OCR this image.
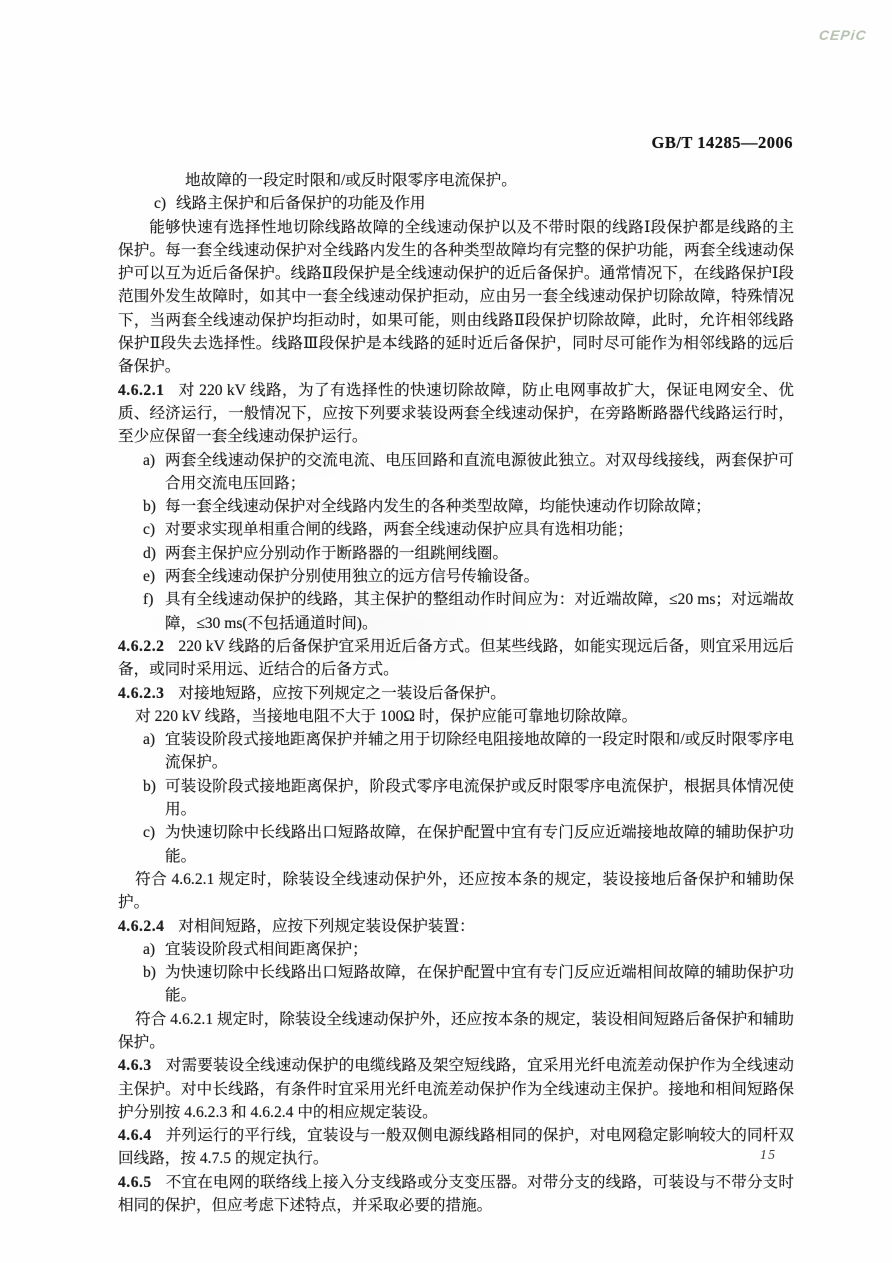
CEPiC
GB/T 14285—2006
地故障的一段定时限和/或反时限零序电流保护。
c) 线路主保护和后备保护的功能及作用
能够快速有选择性地切除线路故障的全线速动保护以及不带时限的线路Ⅰ段保护都是线路的主保护。每一套全线速动保护对全线路内发生的各种类型故障均有完整的保护功能，两套全线速动保护可以互为近后备保护。线路Ⅱ段保护是全线速动保护的近后备保护。通常情况下，在线路保护Ⅰ段范围外发生故障时，如其中一套全线速动保护拒动，应由另一套全线速动保护切除故障，特殊情况下，当两套全线速动保护均拒动时，如果可能，则由线路Ⅱ段保护切除故障，此时，允许相邻线路保护Ⅱ段失去选择性。线路Ⅲ段保护是本线路的延时近后备保护，同时尽可能作为相邻线路的远后备保护。
4.6.2.1 对 220 kV 线路，为了有选择性的快速切除故障，防止电网事故扩大，保证电网安全、优质、经济运行，一般情况下，应按下列要求装设两套全线速动保护，在旁路断路器代线路运行时，至少应保留一套全线速动保护运行。
a) 两套全线速动保护的交流电流、电压回路和直流电源彼此独立。对双母线接线，两套保护可合用交流电压回路；
b) 每一套全线速动保护对全线路内发生的各种类型故障，均能快速动作切除故障；
c) 对要求实现单相重合闸的线路，两套全线速动保护应具有选相功能；
d) 两套主保护应分别动作于断路器的一组跳闸线圈。
e) 两套全线速动保护分别使用独立的远方信号传输设备。
f) 具有全线速动保护的线路，其主保护的整组动作时间应为：对近端故障，≤20 ms；对远端故障，≤30 ms(不包括通道时间)。
4.6.2.2 220 kV 线路的后备保护宜采用近后备方式。但某些线路，如能实现远后备，则宜采用远后备，或同时采用远、近结合的后备方式。
4.6.2.3 对接地短路，应按下列规定之一装设后备保护。
对 220 kV 线路，当接地电阻不大于 100Ω 时，保护应能可靠地切除故障。
a) 宜装设阶段式接地距离保护并辅之用于切除经电阻接地故障的一段定时限和/或反时限零序电流保护。
b) 可装设阶段式接地距离保护，阶段式零序电流保护或反时限零序电流保护，根据具体情况使用。
c) 为快速切除中长线路出口短路故障，在保护配置中宜有专门反应近端接地故障的辅助保护功能。
符合 4.6.2.1 规定时，除装设全线速动保护外，还应按本条的规定，装设接地后备保护和辅助保护。
4.6.2.4 对相间短路，应按下列规定装设保护装置：
a) 宜装设阶段式相间距离保护；
b) 为快速切除中长线路出口短路故障，在保护配置中宜有专门反应近端相间故障的辅助保护功能。
符合 4.6.2.1 规定时，除装设全线速动保护外，还应按本条的规定，装设相间短路后备保护和辅助保护。
4.6.3 对需要装设全线速动保护的电缆线路及架空短线路，宜采用光纤电流差动保护作为全线速动主保护。对中长线路，有条件时宜采用光纤电流差动保护作为全线速动主保护。接地和相间短路保护分别按 4.6.2.3 和 4.6.2.4 中的相应规定装设。
4.6.4 并列运行的平行线，宜装设与一般双侧电源线路相同的保护，对电网稳定影响较大的同杆双回线路，按 4.7.5 的规定执行。
4.6.5 不宜在电网的联络线上接入分支线路或分支变压器。对带分支的线路，可装设与不带分支时相同的保护，但应考虑下述特点，并采取必要的措施。
15
